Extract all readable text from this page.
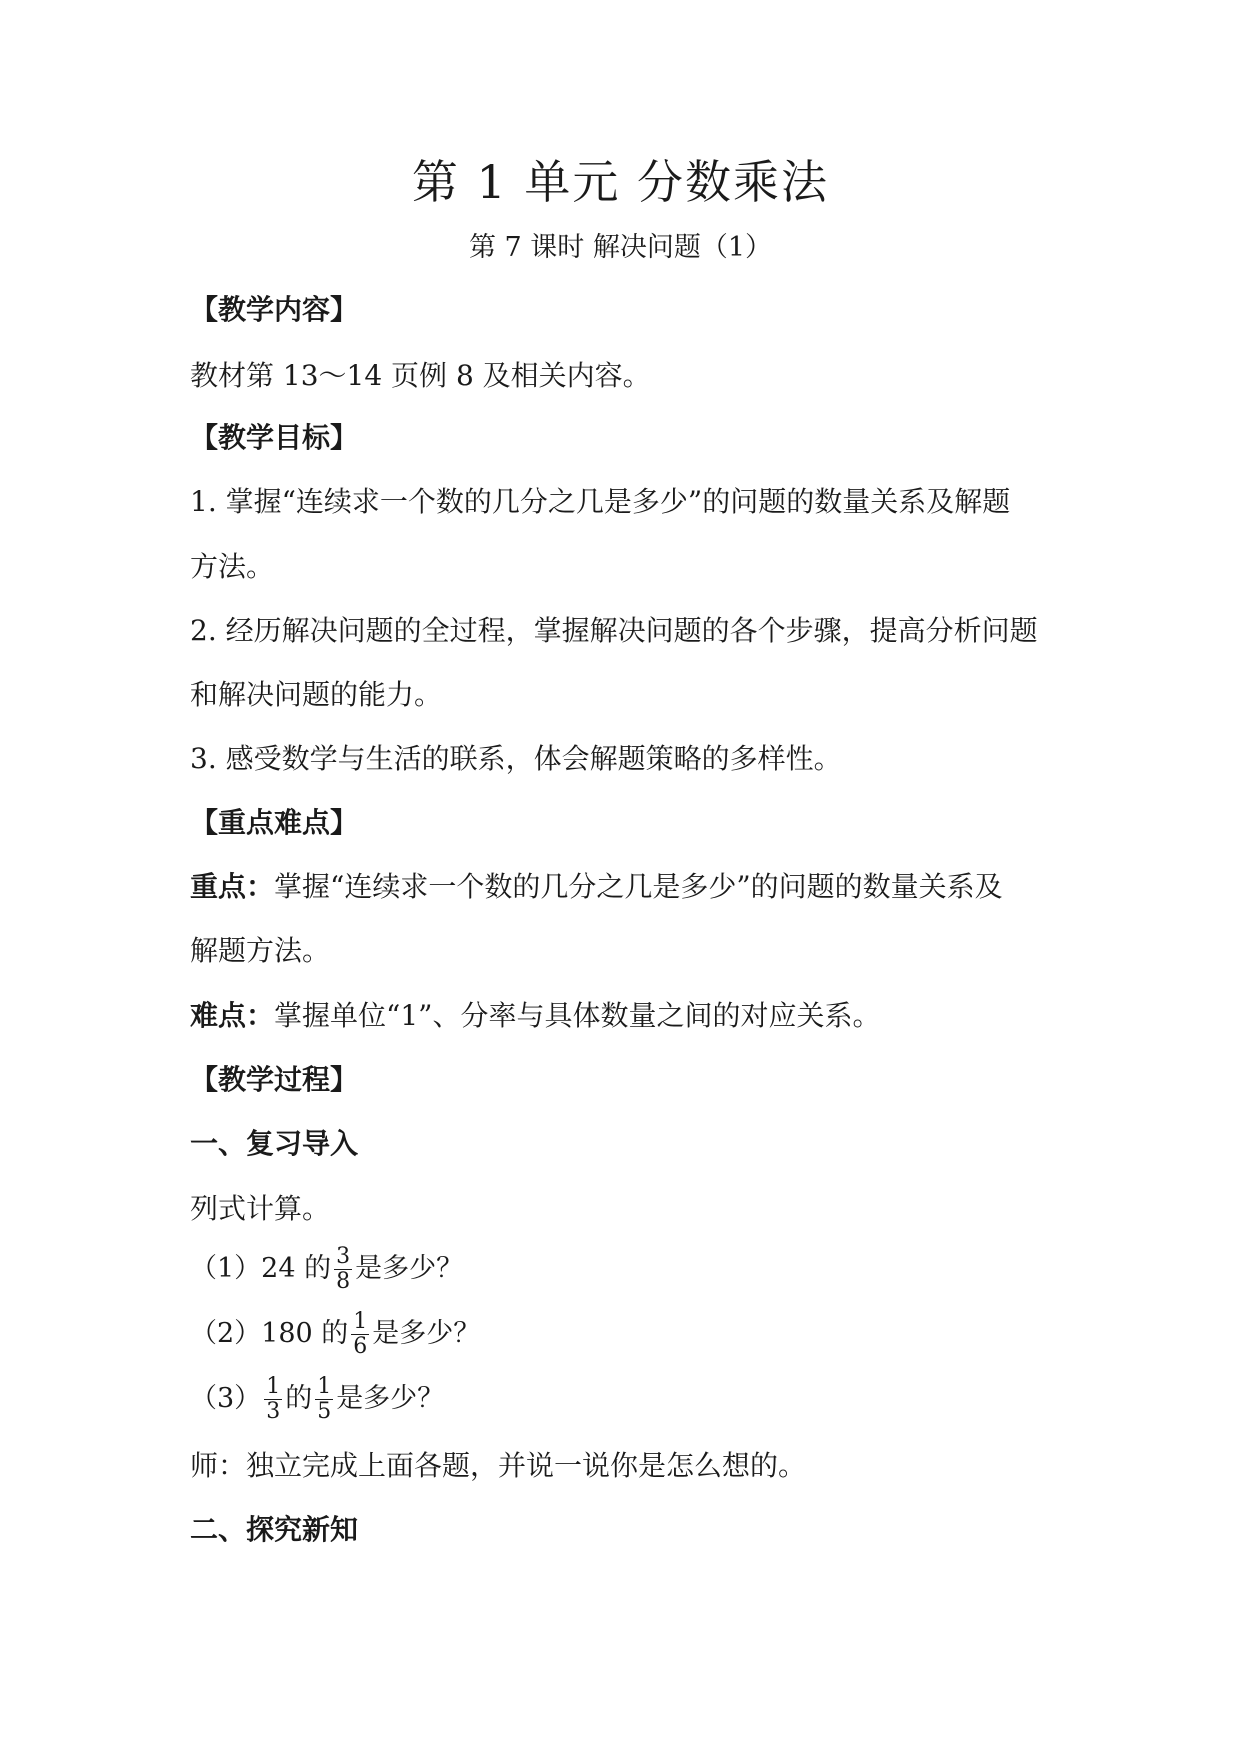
第 1 单元 分数乘法
第 7 课时 解决问题（1）
【教学内容】
教材第 13～14 页例 8 及相关内容。
【教学目标】
1. 掌握“连续求一个数的几分之几是多少”的问题的数量关系及解题
方法。
2. 经历解决问题的全过程，掌握解决问题的各个步骤，提高分析问题
和解决问题的能力。
3. 感受数学与生活的联系，体会解题策略的多样性。
【重点难点】
重点：掌握“连续求一个数的几分之几是多少”的问题的数量关系及
解题方法。
难点：掌握单位“1”、分率与具体数量之间的对应关系。
【教学过程】
一、复习导入
列式计算。
（1）24 的 $\frac{3}{8}$ 是多少？
（2）180 的 $\frac{1}{6}$ 是多少？
$(3) \frac{1}{3}$ 的 $\frac{1}{5}$ 是多少？
师：独立完成上面各题，并说一说你是怎么想的。
二、探究新知
